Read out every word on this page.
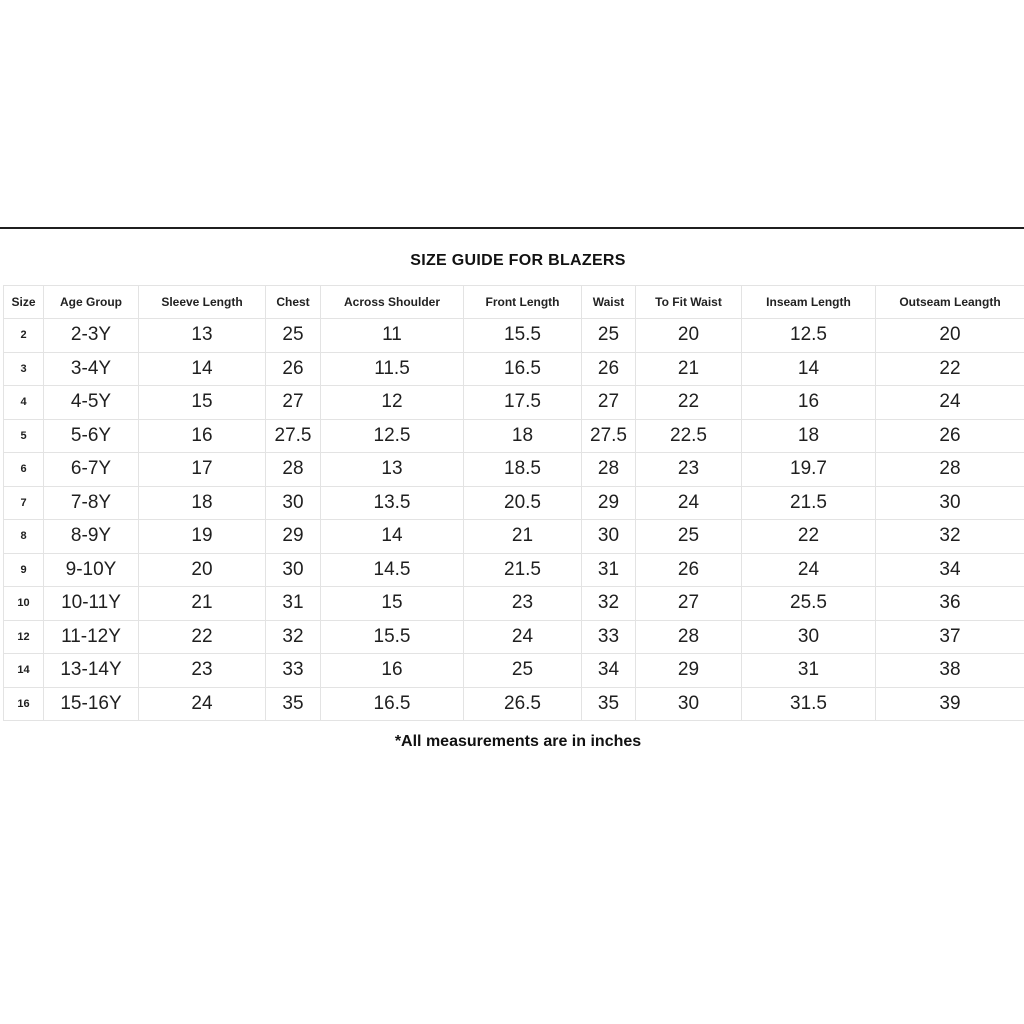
SIZE GUIDE FOR BLAZERS
Size	Age Group	Sleeve Length	Chest	Across Shoulder	Front Length	Waist	To Fit Waist	Inseam Length	Outseam Leangth
2	2-3Y	13	25	11	15.5	25	20	12.5	20
3	3-4Y	14	26	11.5	16.5	26	21	14	22
4	4-5Y	15	27	12	17.5	27	22	16	24
5	5-6Y	16	27.5	12.5	18	27.5	22.5	18	26
6	6-7Y	17	28	13	18.5	28	23	19.7	28
7	7-8Y	18	30	13.5	20.5	29	24	21.5	30
8	8-9Y	19	29	14	21	30	25	22	32
9	9-10Y	20	30	14.5	21.5	31	26	24	34
10	10-11Y	21	31	15	23	32	27	25.5	36
12	11-12Y	22	32	15.5	24	33	28	30	37
14	13-14Y	23	33	16	25	34	29	31	38
16	15-16Y	24	35	16.5	26.5	35	30	31.5	39
*All measurements are in inches
